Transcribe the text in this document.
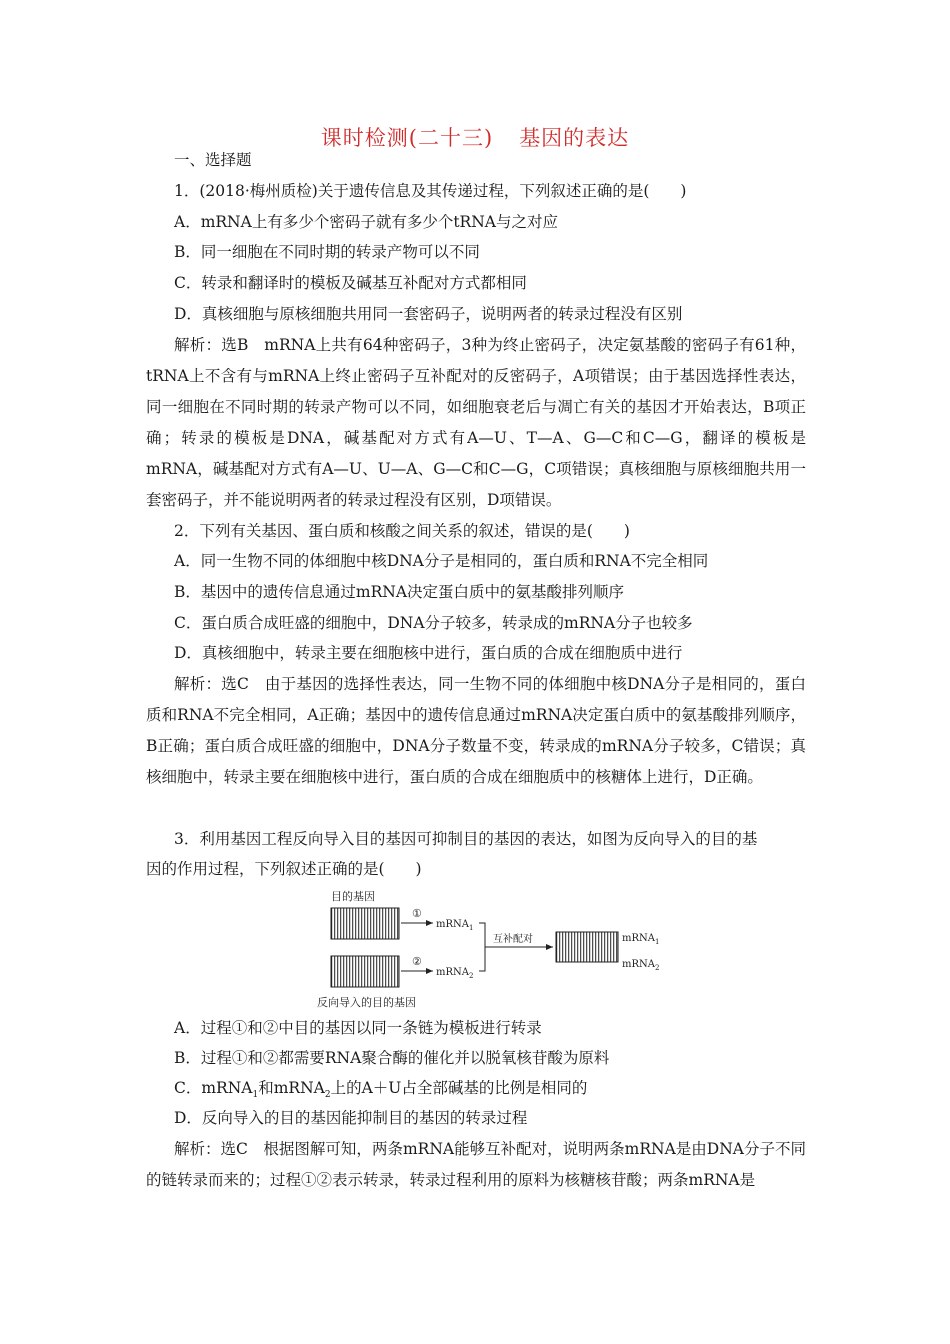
课时检测(二十三) 基因的表达
一、选择题
1．(2018·梅州质检)关于遗传信息及其传递过程，下列叙述正确的是(　　)
A．mRNA上有多少个密码子就有多少个tRNA与之对应
B．同一细胞在不同时期的转录产物可以不同
C．转录和翻译时的模板及碱基互补配对方式都相同
D．真核细胞与原核细胞共用同一套密码子，说明两者的转录过程没有区别
解析：选B　mRNA上共有64种密码子，3种为终止密码子，决定氨基酸的密码子有61种，tRNA上不含有与mRNA上终止密码子互补配对的反密码子，A项错误；由于基因选择性表达，同一细胞在不同时期的转录产物可以不同，如细胞衰老后与凋亡有关的基因才开始表达，B项正确；转录的模板是DNA，碱基配对方式有A—U、T—A、G—C和C—G，翻译的模板是mRNA，碱基配对方式有A—U、U—A、G—C和C—G，C项错误；真核细胞与原核细胞共用一套密码子，并不能说明两者的转录过程没有区别，D项错误。
2．下列有关基因、蛋白质和核酸之间关系的叙述，错误的是(　　)
A．同一生物不同的体细胞中核DNA分子是相同的，蛋白质和RNA不完全相同
B．基因中的遗传信息通过mRNA决定蛋白质中的氨基酸排列顺序
C．蛋白质合成旺盛的细胞中，DNA分子较多，转录成的mRNA分子也较多
D．真核细胞中，转录主要在细胞核中进行，蛋白质的合成在细胞质中进行
解析：选C　由于基因的选择性表达，同一生物不同的体细胞中核DNA分子是相同的，蛋白质和RNA不完全相同，A正确；基因中的遗传信息通过mRNA决定蛋白质中的氨基酸排列顺序，B正确；蛋白质合成旺盛的细胞中，DNA分子数量不变，转录成的mRNA分子较多，C错误；真核细胞中，转录主要在细胞核中进行，蛋白质的合成在细胞质中的核糖体上进行，D正确。
3．利用基因工程反向导入目的基因可抑制目的基因的表达，如图为反向导入的目的基
因的作用过程，下列叙述正确的是(　　)
目的基因
①
mRNA$_1$
②
mRNA$_2$
反向导入的目的基因
互补配对	mRNA$_1$
mRNA$_2$
A．过程①和②中目的基因以同一条链为模板进行转录
B．过程①和②都需要RNA聚合酶的催化并以脱氧核苷酸为原料
C．mRNA$_1$和mRNA$_2$上的A＋U占全部碱基的比例是相同的
D．反向导入的目的基因能抑制目的基因的转录过程
解析：选C　根据图解可知，两条mRNA能够互补配对，说明两条mRNA是由DNA分子不同的链转录而来的；过程①②表示转录，转录过程利用的原料为核糖核苷酸；两条mRNA是
